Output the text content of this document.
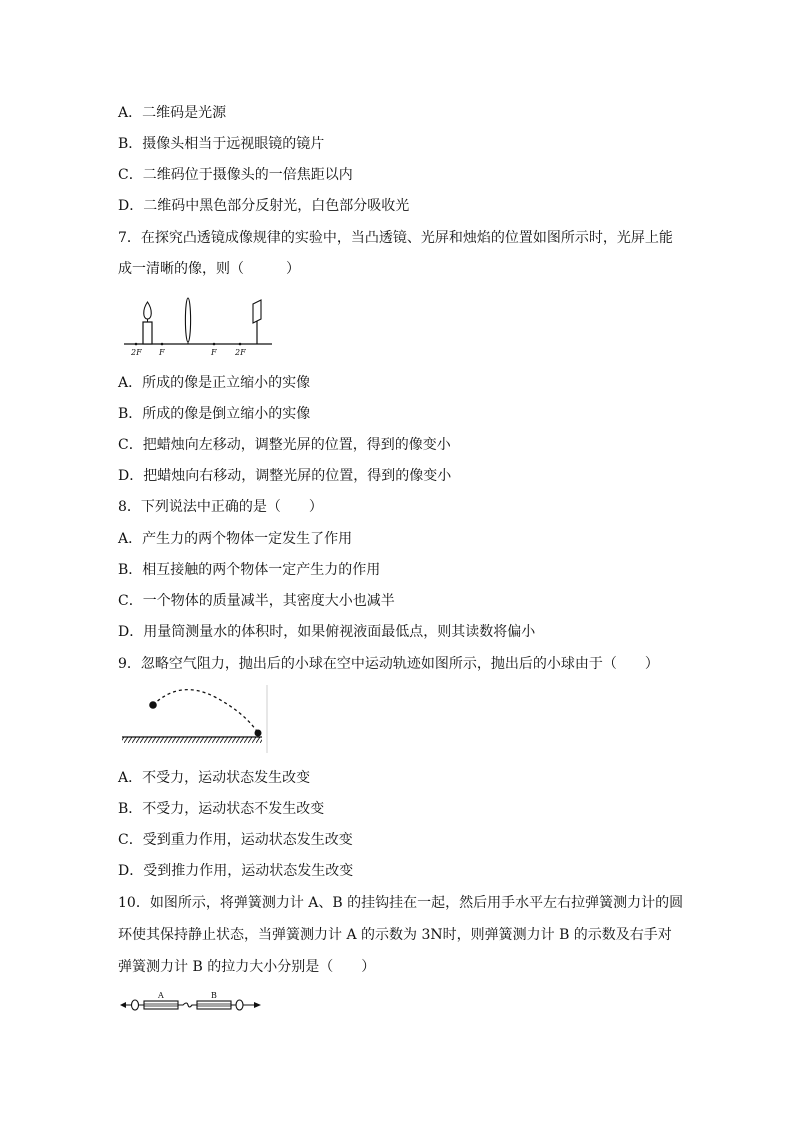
A．二维码是光源
B．摄像头相当于远视眼镜的镜片
C．二维码位于摄像头的一倍焦距以内
D．二维码中黑色部分反射光，白色部分吸收光
7．在探究凸透镜成像规律的实验中，当凸透镜、光屏和烛焰的位置如图所示时，光屏上能
成一清晰的像，则（　　　）
2F F	F 2F
A．所成的像是正立缩小的实像
B．所成的像是倒立缩小的实像
C．把蜡烛向左移动，调整光屏的位置，得到的像变小
D．把蜡烛向右移动，调整光屏的位置，得到的像变小
8．下列说法中正确的是（　　）
A．产生力的两个物体一定发生了作用
B．相互接触的两个物体一定产生力的作用
C．一个物体的质量减半，其密度大小也减半
D．用量筒测量水的体积时，如果俯视液面最低点，则其读数将偏小
9．忽略空气阻力，抛出后的小球在空中运动轨迹如图所示，抛出后的小球由于（　　）
A．不受力，运动状态发生改变
B．不受力，运动状态不发生改变
C．受到重力作用，运动状态发生改变
D．受到推力作用，运动状态发生改变
10．如图所示，将弹簧测力计 A、B 的挂钩挂在一起，然后用手水平左右拉弹簧测力计的圆
环使其保持静止状态，当弹簧测力计 A 的示数为 3N时，则弹簧测力计 B 的示数及右手对
弹簧测力计 B 的拉力大小分别是（　　）
A	B
